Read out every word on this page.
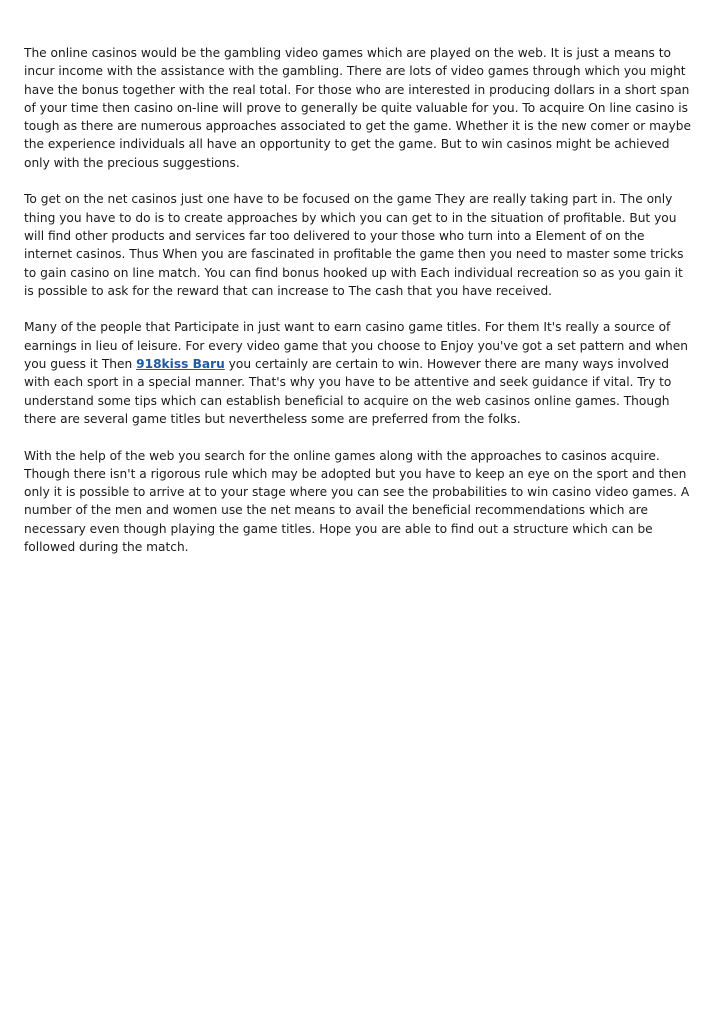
The online casinos would be the gambling video games which are played on the web. It is just a means to incur income with the assistance with the gambling. There are lots of video games through which you might have the bonus together with the real total. For those who are interested in producing dollars in a short span of your time then casino on-line will prove to generally be quite valuable for you. To acquire On line casino is tough as there are numerous approaches associated to get the game. Whether it is the new comer or maybe the experience individuals all have an opportunity to get the game. But to win casinos might be achieved only with the precious suggestions.

To get on the net casinos just one have to be focused on the game They are really taking part in. The only thing you have to do is to create approaches by which you can get to in the situation of profitable. But you will find other products and services far too delivered to your those who turn into a Element of on the internet casinos. Thus When you are fascinated in profitable the game then you need to master some tricks to gain casino on line match. You can find bonus hooked up with Each individual recreation so as you gain it is possible to ask for the reward that can increase to The cash that you have received.

Many of the people that Participate in just want to earn casino game titles. For them It's really a source of earnings in lieu of leisure. For every video game that you choose to Enjoy you've got a set pattern and when you guess it Then 918kiss Baru you certainly are certain to win. However there are many ways involved with each sport in a special manner. That's why you have to be attentive and seek guidance if vital. Try to understand some tips which can establish beneficial to acquire on the web casinos online games. Though there are several game titles but nevertheless some are preferred from the folks.

With the help of the web you search for the online games along with the approaches to casinos acquire. Though there isn't a rigorous rule which may be adopted but you have to keep an eye on the sport and then only it is possible to arrive at to your stage where you can see the probabilities to win casino video games. A number of the men and women use the net means to avail the beneficial recommendations which are necessary even though playing the game titles. Hope you are able to find out a structure which can be followed during the match.
